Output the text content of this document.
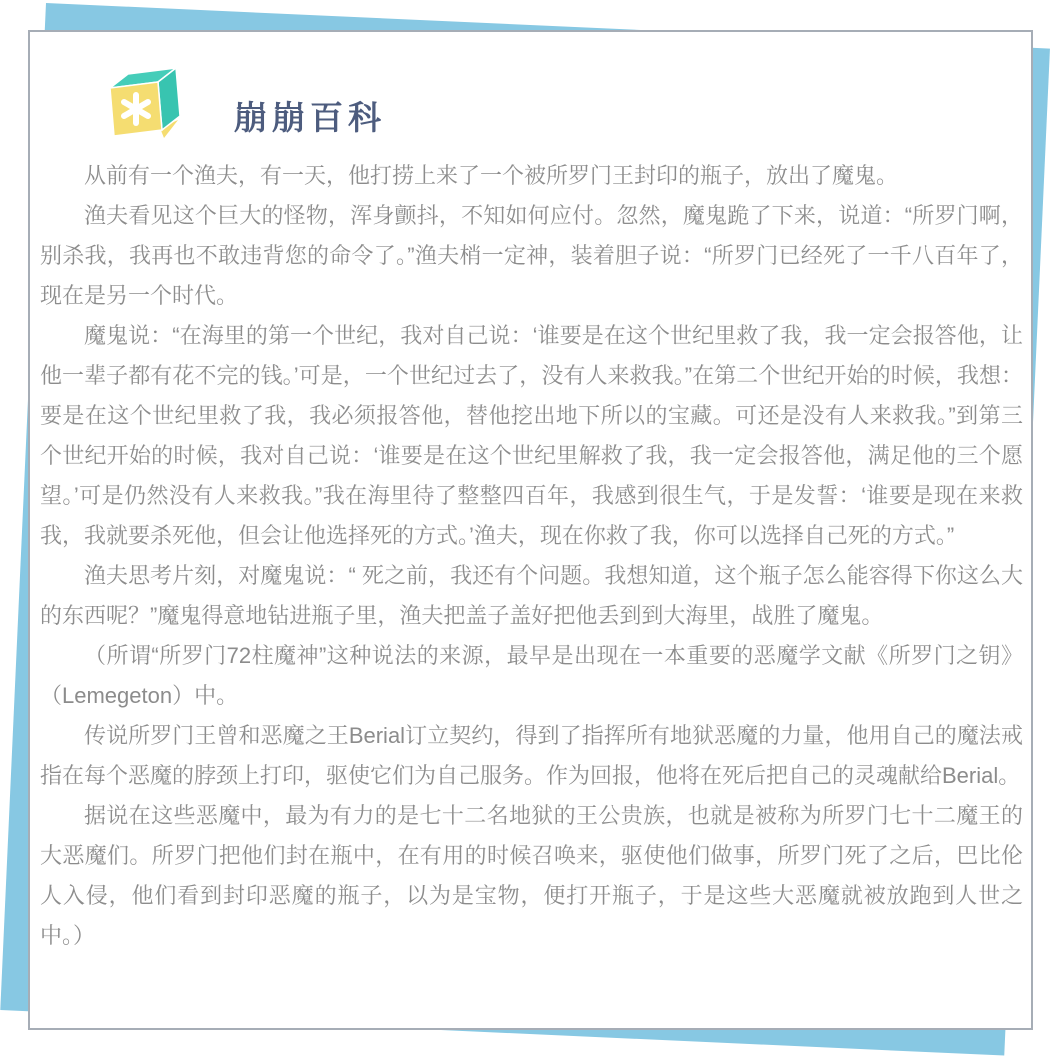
崩崩百科

从前有一个渔夫，有一天，他打捞上来了一个被所罗门王封印的瓶子，放出了魔鬼。

渔夫看见这个巨大的怪物，浑身颤抖，不知如何应付。忽然，魔鬼跪了下来，说道：“所罗门啊，别杀我，我再也不敢违背您的命令了。”渔夫梢一定神，装着胆子说：“所罗门已经死了一千八百年了，现在是另一个时代。

魔鬼说：“在海里的第一个世纪，我对自己说：‘谁要是在这个世纪里救了我，我一定会报答他，让他一辈子都有花不完的钱。’可是，一个世纪过去了，没有人来救我。”在第二个世纪开始的时候，我想：要是在这个世纪里救了我，我必须报答他，替他挖出地下所以的宝藏。可还是没有人来救我。”到第三个世纪开始的时候，我对自己说：‘谁要是在这个世纪里解救了我，我一定会报答他，满足他的三个愿望。’可是仍然没有人来救我。”我在海里待了整整四百年，我感到很生气，于是发誓：‘谁要是现在来救我，我就要杀死他，但会让他选择死的方式。’渔夫，现在你救了我，你可以选择自己死的方式。”

渔夫思考片刻，对魔鬼说：“ 死之前，我还有个问题。我想知道，这个瓶子怎么能容得下你这么大的东西呢？”魔鬼得意地钻进瓶子里，渔夫把盖子盖好把他丢到到大海里，战胜了魔鬼。

（所谓“所罗门72柱魔神”这种说法的来源，最早是出现在一本重要的恶魔学文献《所罗门之钥》（Lemegeton）中。

传说所罗门王曾和恶魔之王Berial订立契约，得到了指挥所有地狱恶魔的力量，他用自己的魔法戒指在每个恶魔的脖颈上打印，驱使它们为自己服务。作为回报，他将在死后把自己的灵魂献给Berial。

据说在这些恶魔中，最为有力的是七十二名地狱的王公贵族，也就是被称为所罗门七十二魔王的大恶魔们。所罗门把他们封在瓶中，在有用的时候召唤来，驱使他们做事，所罗门死了之后，巴比伦人入侵，他们看到封印恶魔的瓶子，以为是宝物，便打开瓶子，于是这些大恶魔就被放跑到人世之中。）
